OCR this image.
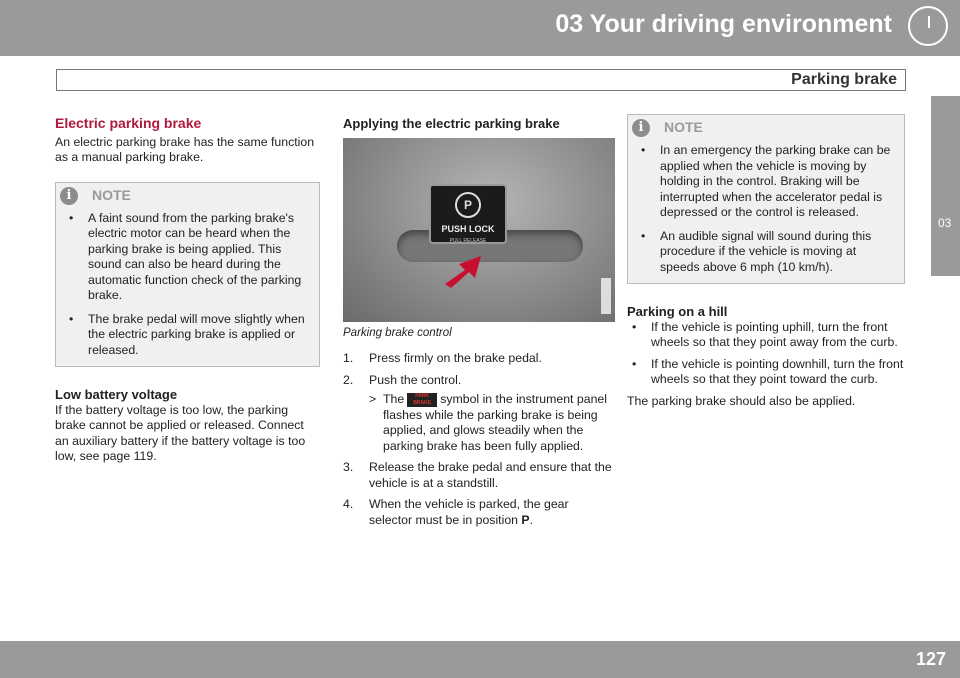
03 Your driving environment
Parking brake
03
Electric parking brake

An electric parking brake has the same function as a manual parking brake.

i	NOTE
• A faint sound from the parking brake's electric motor can be heard when the parking brake is being applied. This sound can also be heard during the automatic function check of the parking brake.
• The brake pedal will move slightly when the electric parking brake is applied or released.
Low battery voltage

If the battery voltage is too low, the parking brake cannot be applied or released. Connect an auxiliary battery if the battery voltage is too low, see page 119.

Applying the electric parking brake
P
PUSH LOCK
PULL RELEASE
Parking brake control
1. Press firmly on the brake pedal.
2. Push the control.
> The PARK BRAKE symbol in the instrument panel flashes while the parking brake is being applied, and glows steadily when the parking brake has been fully applied.
3. Release the brake pedal and ensure that the vehicle is at a standstill.
4. When the vehicle is parked, the gear selector must be in position P.
i	NOTE
• In an emergency the parking brake can be applied when the vehicle is moving by holding in the control. Braking will be interrupted when the accelerator pedal is depressed or the control is released.
• An audible signal will sound during this procedure if the vehicle is moving at speeds above 6 mph (10 km/h).
Parking on a hill
• If the vehicle is pointing uphill, turn the front wheels so that they point away from the curb.
• If the vehicle is pointing downhill, turn the front wheels so that they point toward the curb.

The parking brake should also be applied.

127
